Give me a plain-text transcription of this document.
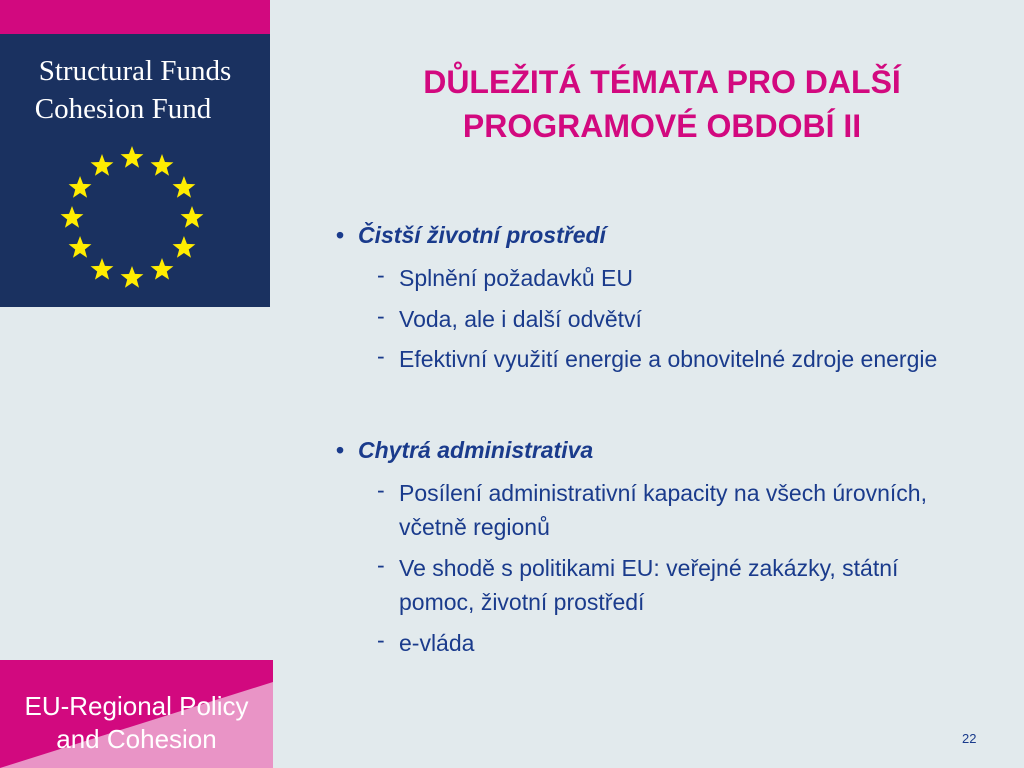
Structural Funds
Cohesion Fund
EU-Regional Policy
and Cohesion
DŮLEŽITÁ TÉMATA PRO DALŠÍ
PROGRAMOVÉ OBDOBÍ II
• Čistší životní prostředí
- Splnění požadavků EU
- Voda, ale i další odvětví
- Efektivní využití energie a obnovitelné zdroje energie
• Chytrá administrativa
- Posílení administrativní kapacity na všech úrovních, včetně regionů
- Ve shodě s politikami EU: veřejné zakázky, státní pomoc, životní prostředí
- e-vláda
22
